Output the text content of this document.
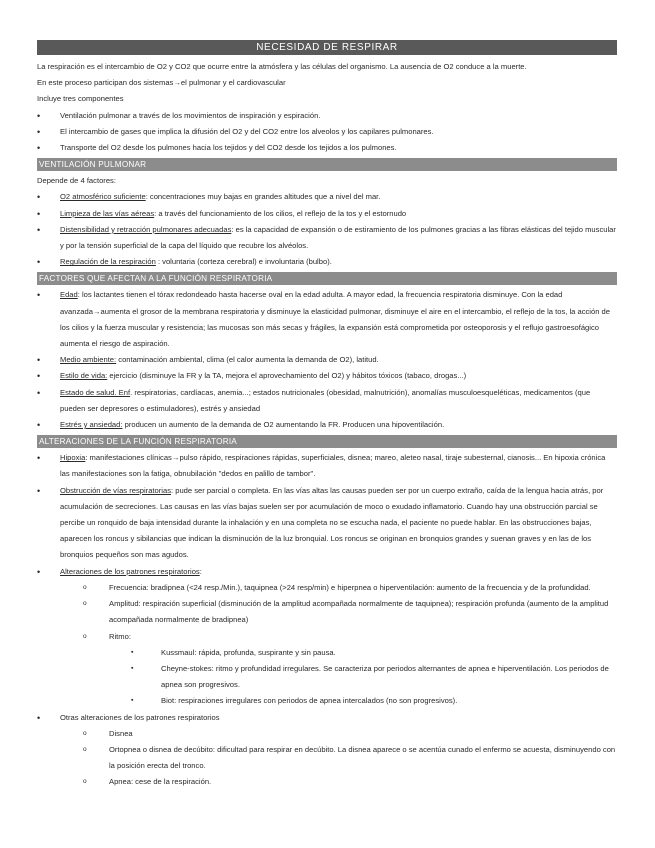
NECESIDAD DE RESPIRAR

La respiración es el intercambio de O2 y CO2 que ocurre entre la atmósfera y las células del organismo. La ausencia de O2 conduce a la muerte.

En este proceso participan dos sistemas→el pulmonar y el cardiovascular

Incluye tres componentes

• Ventilación pulmonar a través de los movimientos de inspiración y espiración.
• El intercambio de gases que implica la difusión del O2 y del CO2 entre los alveolos y los capilares pulmonares.
• Transporte del O2 desde los pulmones hacia los tejidos y del CO2 desde los tejidos a los pulmones.
VENTILACIÓN PULMONAR

Depende de 4 factores:

• O2 atmosférico suficiente: concentraciones muy bajas en grandes altitudes que a nivel del mar.
• Limpieza de las vías aéreas: a través del funcionamiento de los cilios, el reflejo de la tos y el estornudo
• Distensibilidad y retracción pulmonares adecuadas: es la capacidad de expansión o de estiramiento de los pulmones gracias a las fibras elásticas del tejido muscular y por la tensión superficial de la capa del líquido que recubre los alvéolos.
• Regulación de la respiración : voluntaria (corteza cerebral) e involuntaria (bulbo).
FACTORES QUE AFECTAN A LA FUNCIÓN RESPIRATORIA
• Edad: los lactantes tienen el tórax redondeado hasta hacerse oval en la edad adulta. A mayor edad, la frecuencia respiratoria disminuye. Con la edad avanzada→aumenta el grosor de la membrana respiratoria y disminuye la elasticidad pulmonar, disminuye el aire en el intercambio, el reflejo de la tos, la acción de los cilios y la fuerza muscular y resistencia; las mucosas son más secas y frágiles, la expansión está comprometida por osteoporosis y el reflujo gastroesofágico aumenta el riesgo de aspiración.
• Medio ambiente: contaminación ambiental, clima (el calor aumenta la demanda de O2), latitud.
• Estilo de vida: ejercicio (disminuye la FR y la TA, mejora el aprovechamiento del O2) y hábitos tóxicos (tabaco, drogas...)
• Estado de salud. Enf. respiratorias, cardíacas, anemia...; estados nutricionales (obesidad, malnutrición), anomalías musculoesqueléticas, medicamentos (que pueden ser depresores o estimuladores), estrés y ansiedad
• Estrés y ansiedad: producen un aumento de la demanda de O2 aumentando la FR. Producen una hipoventilación.
ALTERACIONES DE LA FUNCIÓN RESPIRATORIA
• Hipoxia: manifestaciones clínicas→pulso rápido, respiraciones rápidas, superficiales, disnea; mareo, aleteo nasal, tiraje subesternal, cianosis... En hipoxia crónica las manifestaciones son la fatiga, obnubilación "dedos en palillo de tambor".
• Obstrucción de vías respiratorias: pude ser parcial o completa. En las vías altas las causas pueden ser por un cuerpo extraño, caída de la lengua hacia atrás, por acumulación de secreciones. Las causas en las vías bajas suelen ser por acumulación de moco o exudado inflamatorio. Cuando hay una obstrucción parcial se percibe un ronquido de baja intensidad durante la inhalación y en una completa no se escucha nada, el paciente no puede hablar. En las obstrucciones bajas, aparecen los roncus y sibilancias que indican la disminución de la luz bronquial. Los roncus se originan en bronquios grandes y suenan graves y en las de los bronquios pequeños son mas agudos.
• Alteraciones de los patrones respiratorios:
o Frecuencia: bradipnea (<24 resp./Min.), taquipnea (>24 resp/min) e hiperpnea o hiperventilación: aumento de la frecuencia y de la profundidad.
o Amplitud: respiración superficial (disminución de la amplitud acompañada normalmente de taquipnea); respiración profunda (aumento de la amplitud acompañada normalmente de bradipnea)
o Ritmo:
▪ Kussmaul: rápida, profunda, suspirante y sin pausa.
▪ Cheyne-stokes: ritmo y profundidad irregulares. Se caracteriza por periodos alternantes de apnea e hiperventilación. Los periodos de apnea son progresivos.
▪ Biot: respiraciones irregulares con periodos de apnea intercalados (no son progresivos).
• Otras alteraciones de los patrones respiratorios
o Disnea
o Ortopnea o disnea de decúbito: dificultad para respirar en decúbito. La disnea aparece o se acentúa cunado el enfermo se acuesta, disminuyendo con la posición erecta del tronco.
o Apnea: cese de la respiración.
